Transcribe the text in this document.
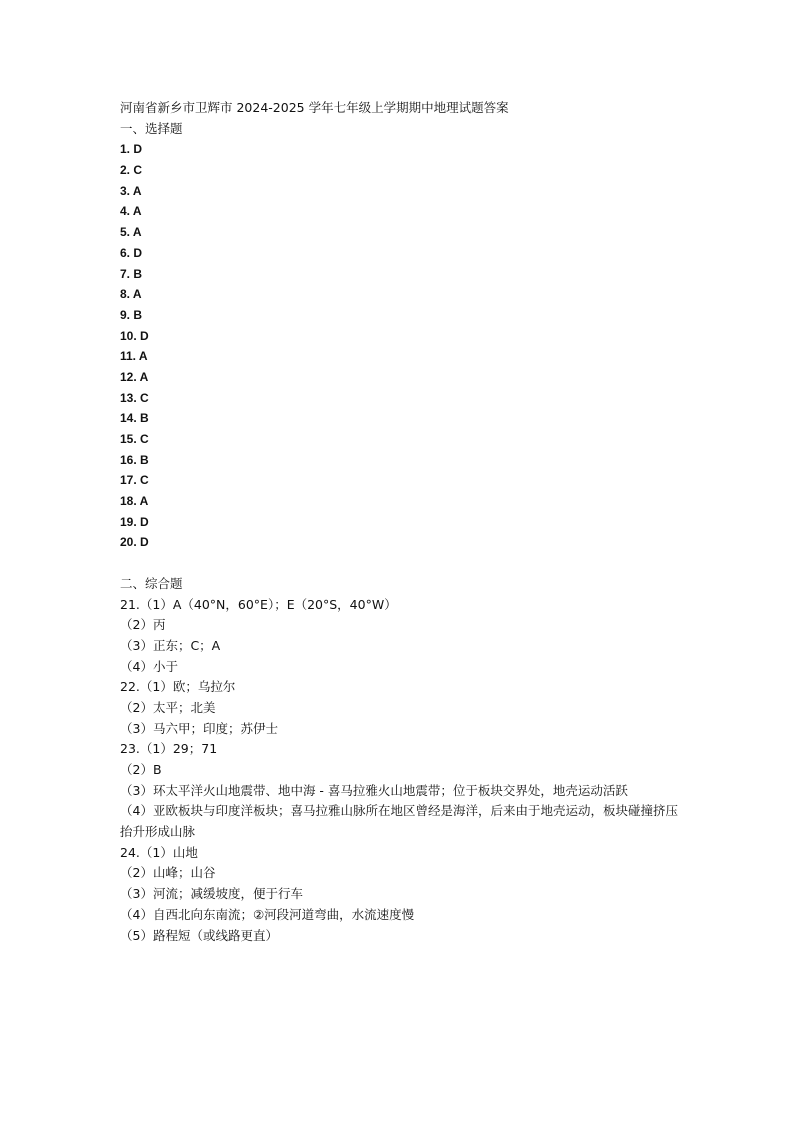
河南省新乡市卫辉市 2024-2025 学年七年级上学期期中地理试题答案

一、选择题

1. D

2. C

3. A

4. A

5. A

6. D

7. B

8. A

9. B

10. D

11. A

12. A

13. C

14. B

15. C

16. B

17. C

18. A

19. D

20. D

二、综合题

21.（1）A（40°N，60°E）；E（20°S，40°W）

（2）丙

（3）正东；C；A

（4）小于

22.（1）欧；乌拉尔

（2）太平；北美

（3）马六甲；印度；苏伊士

23.（1）29；71

（2）B

（3）环太平洋火山地震带、地中海 - 喜马拉雅火山地震带；位于板块交界处，地壳运动活跃

（4）亚欧板块与印度洋板块；喜马拉雅山脉所在地区曾经是海洋，后来由于地壳运动，板块碰撞挤压抬升形成山脉

24.（1）山地

（2）山峰；山谷

（3）河流；减缓坡度，便于行车

（4）自西北向东南流；②河段河道弯曲，水流速度慢

（5）路程短（或线路更直）
